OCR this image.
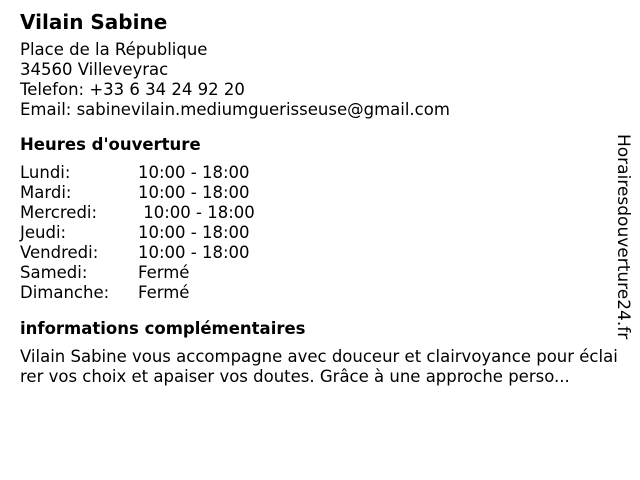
Vilain Sabine
Place de la République
34560 Villeveyrac
Telefon: +33 6 34 24 92 20
Email: sabinevilain.mediumguerisseuse@gmail.com
Heures d'ouverture
Lundi:	10:00 - 18:00
Mardi:	10:00 - 18:00
Mercredi:	10:00 - 18:00
Jeudi:	10:00 - 18:00
Vendredi:	10:00 - 18:00
Samedi:	Fermé
Dimanche:	Fermé
informations complémentaires
Vilain Sabine vous accompagne avec douceur et clairvoyance pour éclairer vos choix et apaiser vos doutes. Grâce à une approche perso...
Horairesdouverture24.fr
